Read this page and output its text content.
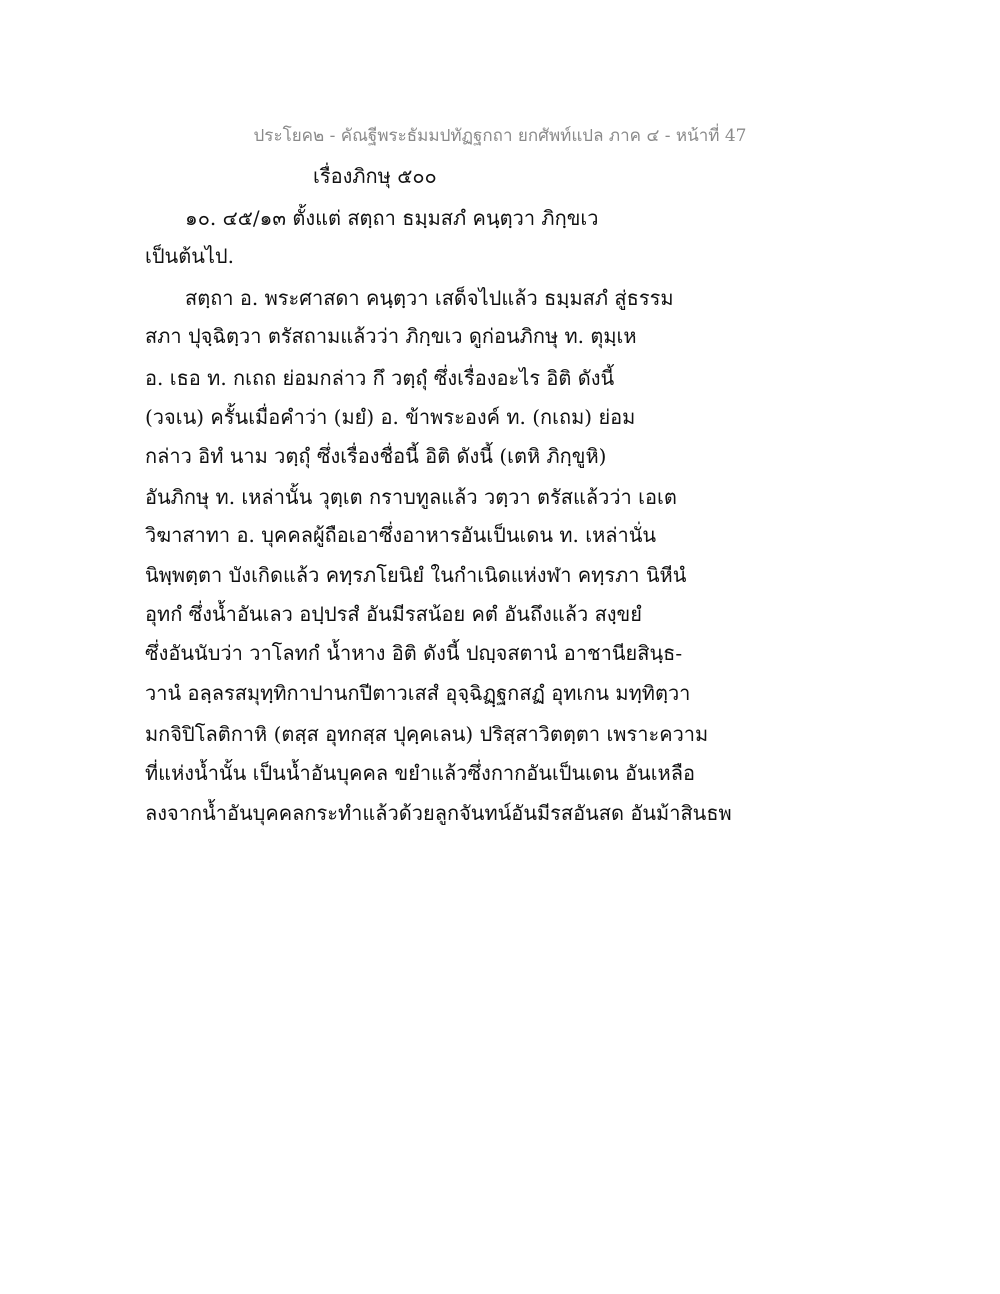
ประโยค๒ - คัณฐีพระธัมมปทัฏฐกถา ยกศัพท์แปล ภาค ๔ - หน้าที่ 47
เรื่องภิกษุ ๕๐๐
๑๐. ๔๕/๑๓ ตั้งแต่ สตฺถา ธมฺมสภํ คนฺตฺวา ภิกฺขเว
เป็นต้นไป.
สตฺถา อ. พระศาสดา คนฺตฺวา เสด็จไปแล้ว ธมฺมสภํ สู่ธรรม
สภา ปุจฺฉิตฺวา ตรัสถามแล้วว่า ภิกฺขเว ดูก่อนภิกษุ ท. ตุมฺเห
อ. เธอ ท. กเถถ ย่อมกล่าว กึ วตฺถุํ ซึ่งเรื่องอะไร อิติ ดังนี้
(วจเน) ครั้นเมื่อคำว่า (มยํ) อ. ข้าพระองค์ ท. (กเถม) ย่อม
กล่าว อิทํ นาม วตฺถุํ ซึ่งเรื่องชื่อนี้ อิติ ดังนี้ (เตหิ ภิกฺขูหิ)
อันภิกษุ ท. เหล่านั้น วุตฺเต กราบทูลแล้ว วตฺวา ตรัสแล้วว่า เอเต
วิฆาสาทา อ. บุคคลผู้ถือเอาซึ่งอาหารอันเป็นเดน ท. เหล่านั่น
นิพฺพตฺตา บังเกิดแล้ว คทฺรภโยนิยํ ในกำเนิดแห่งฬา คทฺรภา นิหีนํ
อุทกํ ซึ่งน้ำอันเลว อปฺปรสํ อันมีรสน้อย คตํ อันถึงแล้ว สงฺขยํ
ซึ่งอันนับว่า วาโลทกํ น้ำหาง อิติ ดังนี้ ปญฺจสตานํ อาชานียสินฺธ-
วานํ อลฺลรสมุทฺทิกาปานกปีตาวเสสํ อุจฺฉิฏฺฐกสฏํ อุทเกน มทฺทิตฺวา
มกจิปิโลติกาหิ (ตสฺส อุทกสฺส ปุคฺคเลน) ปริสฺสาวิตตฺตา เพราะความ
ที่แห่งน้ำนั้น เป็นน้ำอันบุคคล ขยำแล้วซึ่งกากอันเป็นเดน อันเหลือ
ลงจากน้ำอันบุคคลกระทำแล้วด้วยลูกจันทน์อันมีรสอันสด อันม้าสินธพ
